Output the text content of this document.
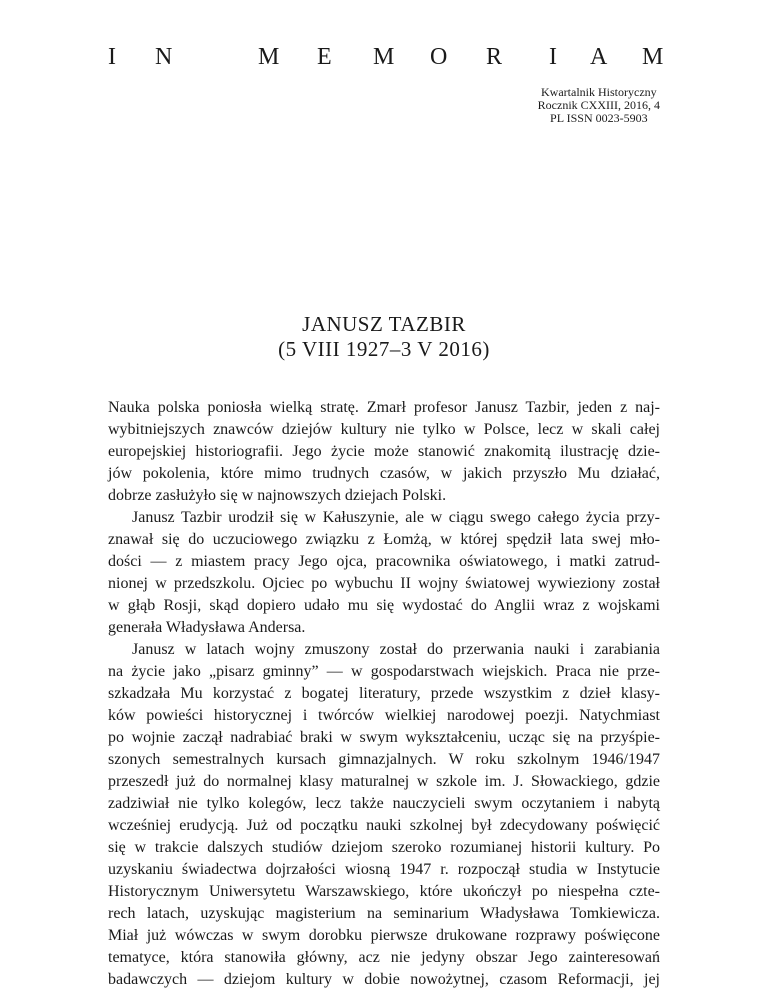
I N	M E M O R I A M
Kwartalnik Historyczny
Rocznik CXXIII, 2016, 4
PL ISSN 0023-5903
JANUSZ TAZBIR
(5 VIII 1927–3 V 2016)
Nauka polska poniosła wielką stratę. Zmarł profesor Janusz Tazbir, jeden z naj-
wybitniejszych znawców dziejów kultury nie tylko w Polsce, lecz w skali całej
europejskiej historiografii. Jego życie może stanowić znakomitą ilustrację dzie-
jów pokolenia, które mimo trudnych czasów, w jakich przyszło Mu działać,
dobrze zasłużyło się w najnowszych dziejach Polski.
Janusz Tazbir urodził się w Kałuszynie, ale w ciągu swego całego życia przy-
znawał się do uczuciowego związku z Łomżą, w której spędził lata swej mło-
dości — z miastem pracy Jego ojca, pracownika oświatowego, i matki zatrud-
nionej w przedszkolu. Ojciec po wybuchu II wojny światowej wywieziony został
w głąb Rosji, skąd dopiero udało mu się wydostać do Anglii wraz z wojskami
generała Władysława Andersa.
Janusz w latach wojny zmuszony został do przerwania nauki i zarabiania
na życie jako „pisarz gminny” — w gospodarstwach wiejskich. Praca nie prze-
szkadzała Mu korzystać z bogatej literatury, przede wszystkim z dzieł klasy-
ków powieści historycznej i twórców wielkiej narodowej poezji. Natychmiast
po wojnie zaczął nadrabiać braki w swym wykształceniu, ucząc się na przyśpie-
szonych semestralnych kursach gimnazjalnych. W roku szkolnym 1946/1947
przeszedł już do normalnej klasy maturalnej w szkole im. J. Słowackiego, gdzie
zadziwiał nie tylko kolegów, lecz także nauczycieli swym oczytaniem i nabytą
wcześniej erudycją. Już od początku nauki szkolnej był zdecydowany poświęcić
się w trakcie dalszych studiów dziejom szeroko rozumianej historii kultury. Po
uzyskaniu świadectwa dojrzałości wiosną 1947 r. rozpoczął studia w Instytucie
Historycznym Uniwersytetu Warszawskiego, które ukończył po niespełna czte-
rech latach, uzyskując magisterium na seminarium Władysława Tomkiewicza.
Miał już wówczas w swym dorobku pierwsze drukowane rozprawy poświęcone
tematyce, która stanowiła główny, acz nie jedyny obszar Jego zainteresowań
badawczych — dziejom kultury w dobie nowożytnej, czasom Reformacji, jej
